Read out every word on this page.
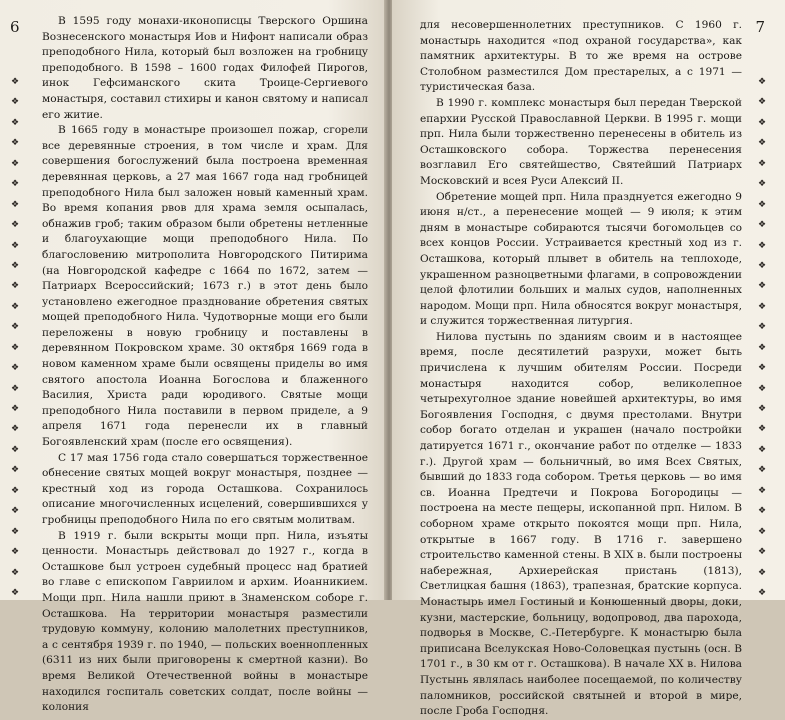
6
❖
❖
❖
❖
❖
❖
❖
❖
❖
❖
❖
❖
❖
❖
❖
❖
❖
❖
❖
❖
❖
❖
❖
❖
❖
❖

В 1595 году монахи-иконописцы Тверского Оршина Вознесенского монастыря Иов и Нифонт написали образ преподобного Нила, который был возложен на гробницу преподобного. В 1598 – 1600 годах Филофей Пирогов, инок Гефсиманского скита Троице-Сергиевого монастыря, составил стихиры и канон святому и написал его житие.

В 1665 году в монастыре произошел пожар, сгорели все деревянные строения, в том числе и храм. Для совершения богослужений была построена временная деревянная церковь, а 27 мая 1667 года над гробницей преподобного Нила был заложен новый каменный храм. Во время копания рвов для храма земля осыпалась, обнажив гроб; таким образом были обретены нетленные и благоухающие мощи преподобного Нила. По благословению митрополита Новгородского Питирима (на Новгородской кафедре с 1664 по 1672, затем — Патриарх Всероссийский; 1673 г.) в этот день было установлено ежегодное празднование обретения святых мощей преподобного Нила. Чудотворные мощи его были переложены в новую гробницу и поставлены в деревянном Покровском храме. 30 октября 1669 года в новом каменном храме были освящены приделы во имя святого апостола Иоанна Богослова и блаженного Василия, Христа ради юродивого. Святые мощи преподобного Нила поставили в первом приделе, а 9 апреля 1671 года перенесли их в главный Богоявленский храм (после его освящения).

С 17 мая 1756 года стало совершаться торжественное обнесение святых мощей вокруг монастыря, позднее — крестный ход из города Осташкова. Сохранилось описание многочисленных исцелений, совершившихся у гробницы преподобного Нила по его святым молитвам.

В 1919 г. были вскрыты мощи прп. Нила, изъяты ценности. Монастырь действовал до 1927 г., когда в Осташкове был устроен судебный процесс над братией во главе с епископом Гавриилом и архим. Иоанникием. Мощи прп. Нила нашли приют в Знаменском соборе г. Осташкова. На территории монастыря разместили трудовую коммуну, колонию малолетних преступников, а с сентября 1939 г. по 1940, — польских военнопленных (6311 из них были приговорены к смертной казни). Во время Великой Отечественной войны в монастыре находился госпиталь советских солдат, после войны — колония

7
❖
❖
❖
❖
❖
❖
❖
❖
❖
❖
❖
❖
❖
❖
❖
❖
❖
❖
❖
❖
❖
❖
❖
❖
❖
❖

для несовершеннолетних преступников. С 1960 г. монастырь находится «под охраной государства», как памятник архитектуры. В то же время на острове Столобном разместился Дом престарелых, а с 1971 — туристическая база.

В 1990 г. комплекс монастыря был передан Тверской епархии Русской Православной Церкви. В 1995 г. мощи прп. Нила были торжественно перенесены в обитель из Осташковского собора. Торжества перенесения возглавил Его святейшество, Святейший Патриарх Московский и всея Руси Алексий II.

Обретение мощей прп. Нила празднуется ежегодно 9 июня н/ст., а перенесение мощей — 9 июля; к этим дням в монастыре собираются тысячи богомольцев со всех концов России. Устраивается крестный ход из г. Осташкова, который плывет в обитель на теплоходе, украшенном разноцветными флагами, в сопровождении целой флотилии больших и малых судов, наполненных народом. Мощи прп. Нила обносятся вокруг монастыря, и служится торжественная литургия.

Нилова пустынь по зданиям своим и в настоящее время, после десятилетий разрухи, может быть причислена к лучшим обителям России. Посреди монастыря находится собор, великолепное четырехуголное здание новейшей архитектуры, во имя Богоявления Господня, с двумя престолами. Внутри собор богато отделан и украшен (начало постройки датируется 1671 г., окончание работ по отделке — 1833 г.). Другой храм — больничный, во имя Всех Святых, бывший до 1833 года собором. Третья церковь — во имя св. Иоанна Предтечи и Покрова Богородицы — построена на месте пещеры, ископанной прп. Нилом. В соборном храме открыто покоятся мощи прп. Нила, открытые в 1667 году. В 1716 г. завершено строительство каменной стены. В XIX в. были построены набережная, Архиерейская пристань (1813), Светлицкая башня (1863), трапезная, братские корпуса. Монастырь имел Гостиный и Конюшенный дворы, доки, кузни, мастерские, больницу, водопровод, два парохода, подворья в Москве, С.-Петербурге. К монастырю была приписана Вселукская Ново-Соловецкая пустынь (осн. В 1701 г., в 30 км от г. Осташкова). В начале XX в. Нилова Пустынь являлась наиболее посещаемой, по количеству паломников, российской святыней и второй в мире, после Гроба Господня.
